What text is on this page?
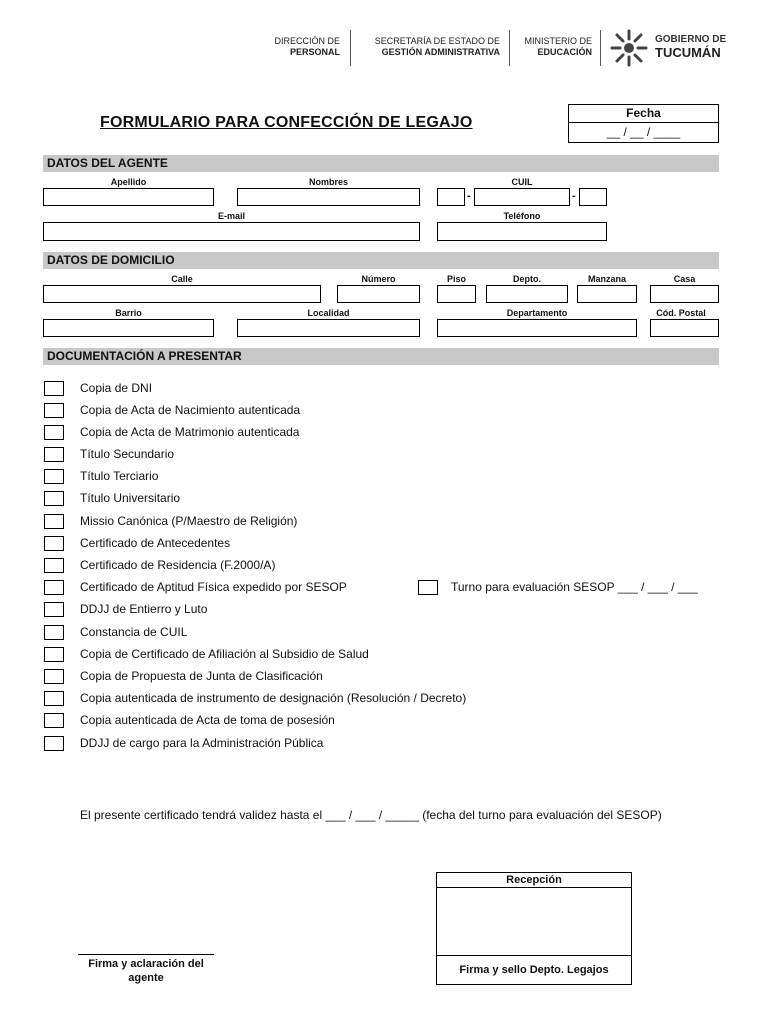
DIRECCIÓN DE
PERSONAL
SECRETARÍA DE ESTADO DE
GESTIÓN ADMINISTRATIVA
MINISTERIO DE
EDUCACIÓN
GOBIERNO DE
TUCUMÁN
FORMULARIO PARA CONFECCIÓN DE LEGAJO
Fecha
__ / __ / ____
DATOS DEL AGENTE
Apellido	Nombres	CUIL
-	-
E-mail	Teléfono
DATOS DE DOMICILIO
Calle	Número	Piso	Depto.	Manzana	Casa
Barrio	Localidad	Departamento	Cód. Postal
DOCUMENTACIÓN A PRESENTAR
Copia de DNI
Copia de Acta de Nacimiento autenticada
Copia de Acta de Matrimonio autenticada
Título Secundario
Título Terciario
Título Universitario
Missio Canónica (P/Maestro de Religión)
Certificado de Antecedentes
Certificado de Residencia (F.2000/A)
Certificado de Aptitud Física expedido por SESOP	Turno para evaluación SESOP ___ / ___ / ___
DDJJ de Entierro y Luto
Constancia de CUIL
Copia de Certificado de Afiliación al Subsidio de Salud
Copia de Propuesta de Junta de Clasificación
Copia autenticada de instrumento de designación (Resolución / Decreto)
Copia autenticada de Acta de toma de posesión
DDJJ de cargo para la Administración Pública
El presente certificado tendrá validez hasta el ___ / ___ / _____ (fecha del turno para evaluación del SESOP)
Firma y aclaración del
agente
Recepción
Firma y sello Depto. Legajos
